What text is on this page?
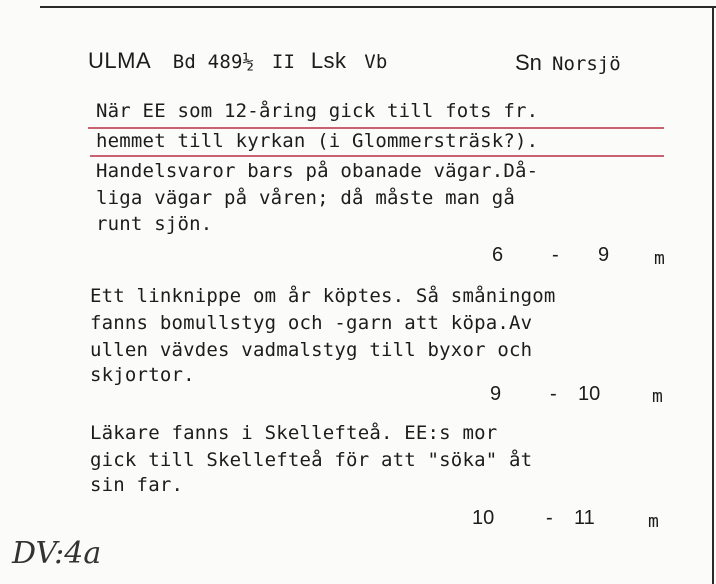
ULMA Bd 489½ II Lsk Vb	Sn Norsjö
När EE som 12-åring gick till fots fr.
hemmet till kyrkan (i Glommersträsk?).
Handelsvaror bars på obanade vägar.Då-
liga vägar på våren; då måste man gå
runt sjön.
6 - 9 m
Ett linknippe om år köptes. Så småningom
fanns bomullstyg och -garn att köpa.Av
ullen vävdes vadmalstyg till byxor och
skjortor.
9 - 10	m
Läkare fanns i Skellefteå. EE:s mor
gick till Skellefteå för att "söka" åt
sin far.
10	- 11	m
DV:4a
